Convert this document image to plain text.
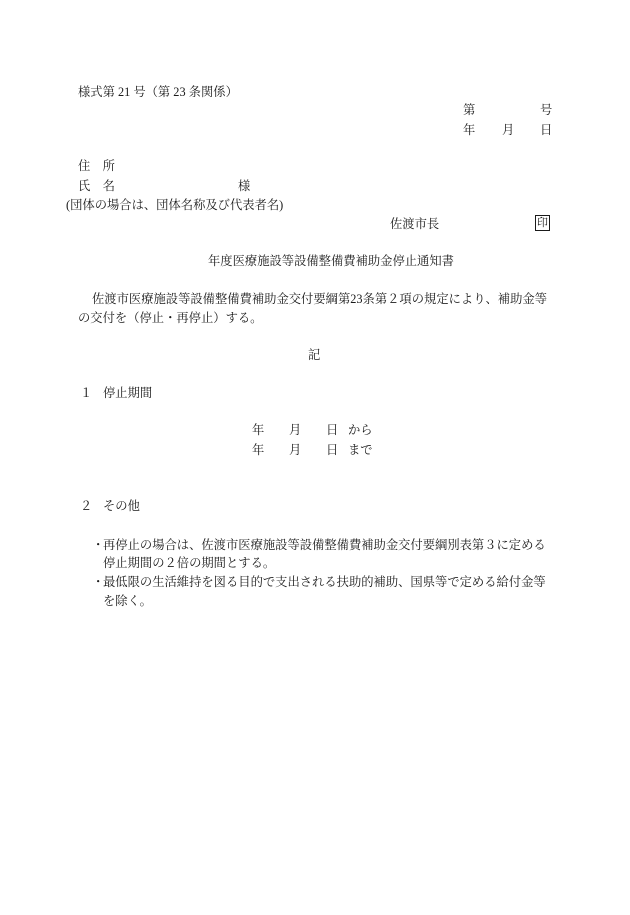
様式第 21 号（第 23 条関係）
第	号
年 月 日
住　所
氏　名	様
(団体の場合は、団体名称及び代表者名)
佐渡市長	印
年度医療施設等設備整備費補助金停止通知書
佐渡市医療施設等設備整備費補助金交付要綱第23条第２項の規定により、補助金等
の交付を（停止・再停止）する。
記
１ 停止期間
年 月 日 から
年 月 日 まで
２ その他
・
再停止の場合は、佐渡市医療施設等設備整備費補助金交付要綱別表第３に定める
停止期間の２倍の期間とする。
・
最低限の生活維持を図る目的で支出される扶助的補助、国県等で定める給付金等
を除く。
